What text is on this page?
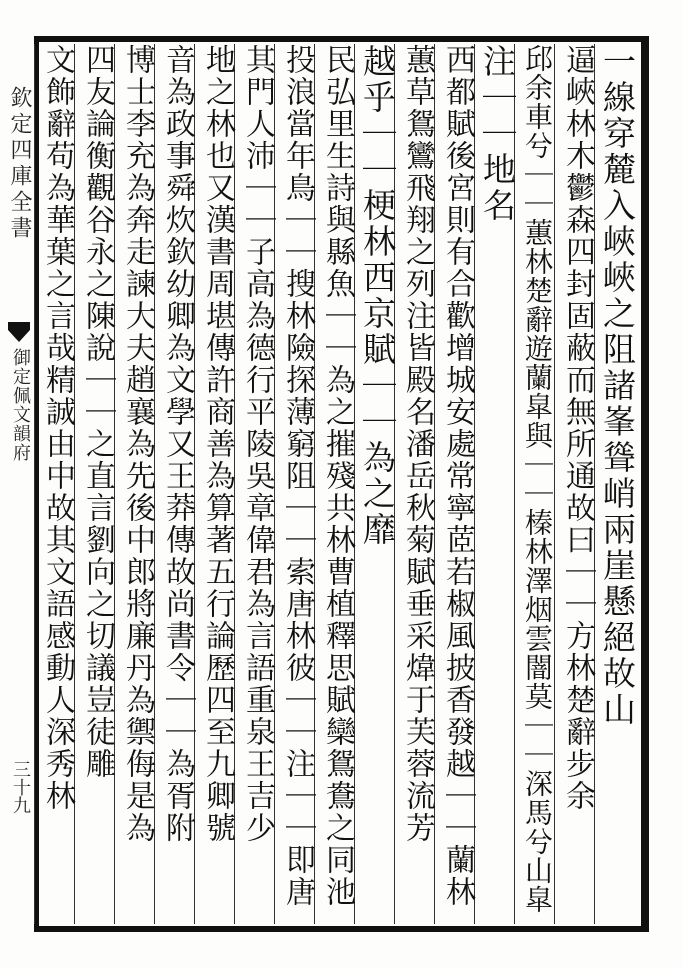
欽定四庫全書
御定佩文韻府
三十九
一線穿麓入峽峽之阻諸峯聳峭兩崖懸絕故山
逼峽林木鬱森四封固蔽而無所通故曰｜｜方林楚辭步余
邱余車兮｜｜蕙林楚辭遊蘭皐與｜｜榛林澤烟雲闇莫｜｜深馬兮山皐
注｜｜地名
西都賦後宮則有合歡增城安處常寧茝若椒風披香發越｜｜蘭林
蕙草鴛鸞飛翔之列注皆殿名潘岳秋菊賦垂采煒于芙蓉流芳
越乎｜｜梗林西京賦｜｜為之靡
民弘里生詩與縣魚｜｜為之摧殘共林曹植釋思賦欒鴛鴦之同池
投浪當年鳥｜｜搜林險探薄窮阻｜｜索唐林彼｜｜注｜｜即唐
其門人沛｜｜子高為德行平陵吳章偉君為言語重泉王吉少
地之林也又漢書周堪傳許商善為算著五行論歷四至九卿號
音為政事舜炊欽幼卿為文學又王莽傳故尚書令｜｜為胥附
博士李充為奔走諫大夫趙襄為先後中郎將廉丹為禦侮是為
四友論衡觀谷永之陳說｜｜之直言劉向之切議豈徒雕
文飾辭苟為華葉之言哉精誠由中故其文語感動人深秀林
